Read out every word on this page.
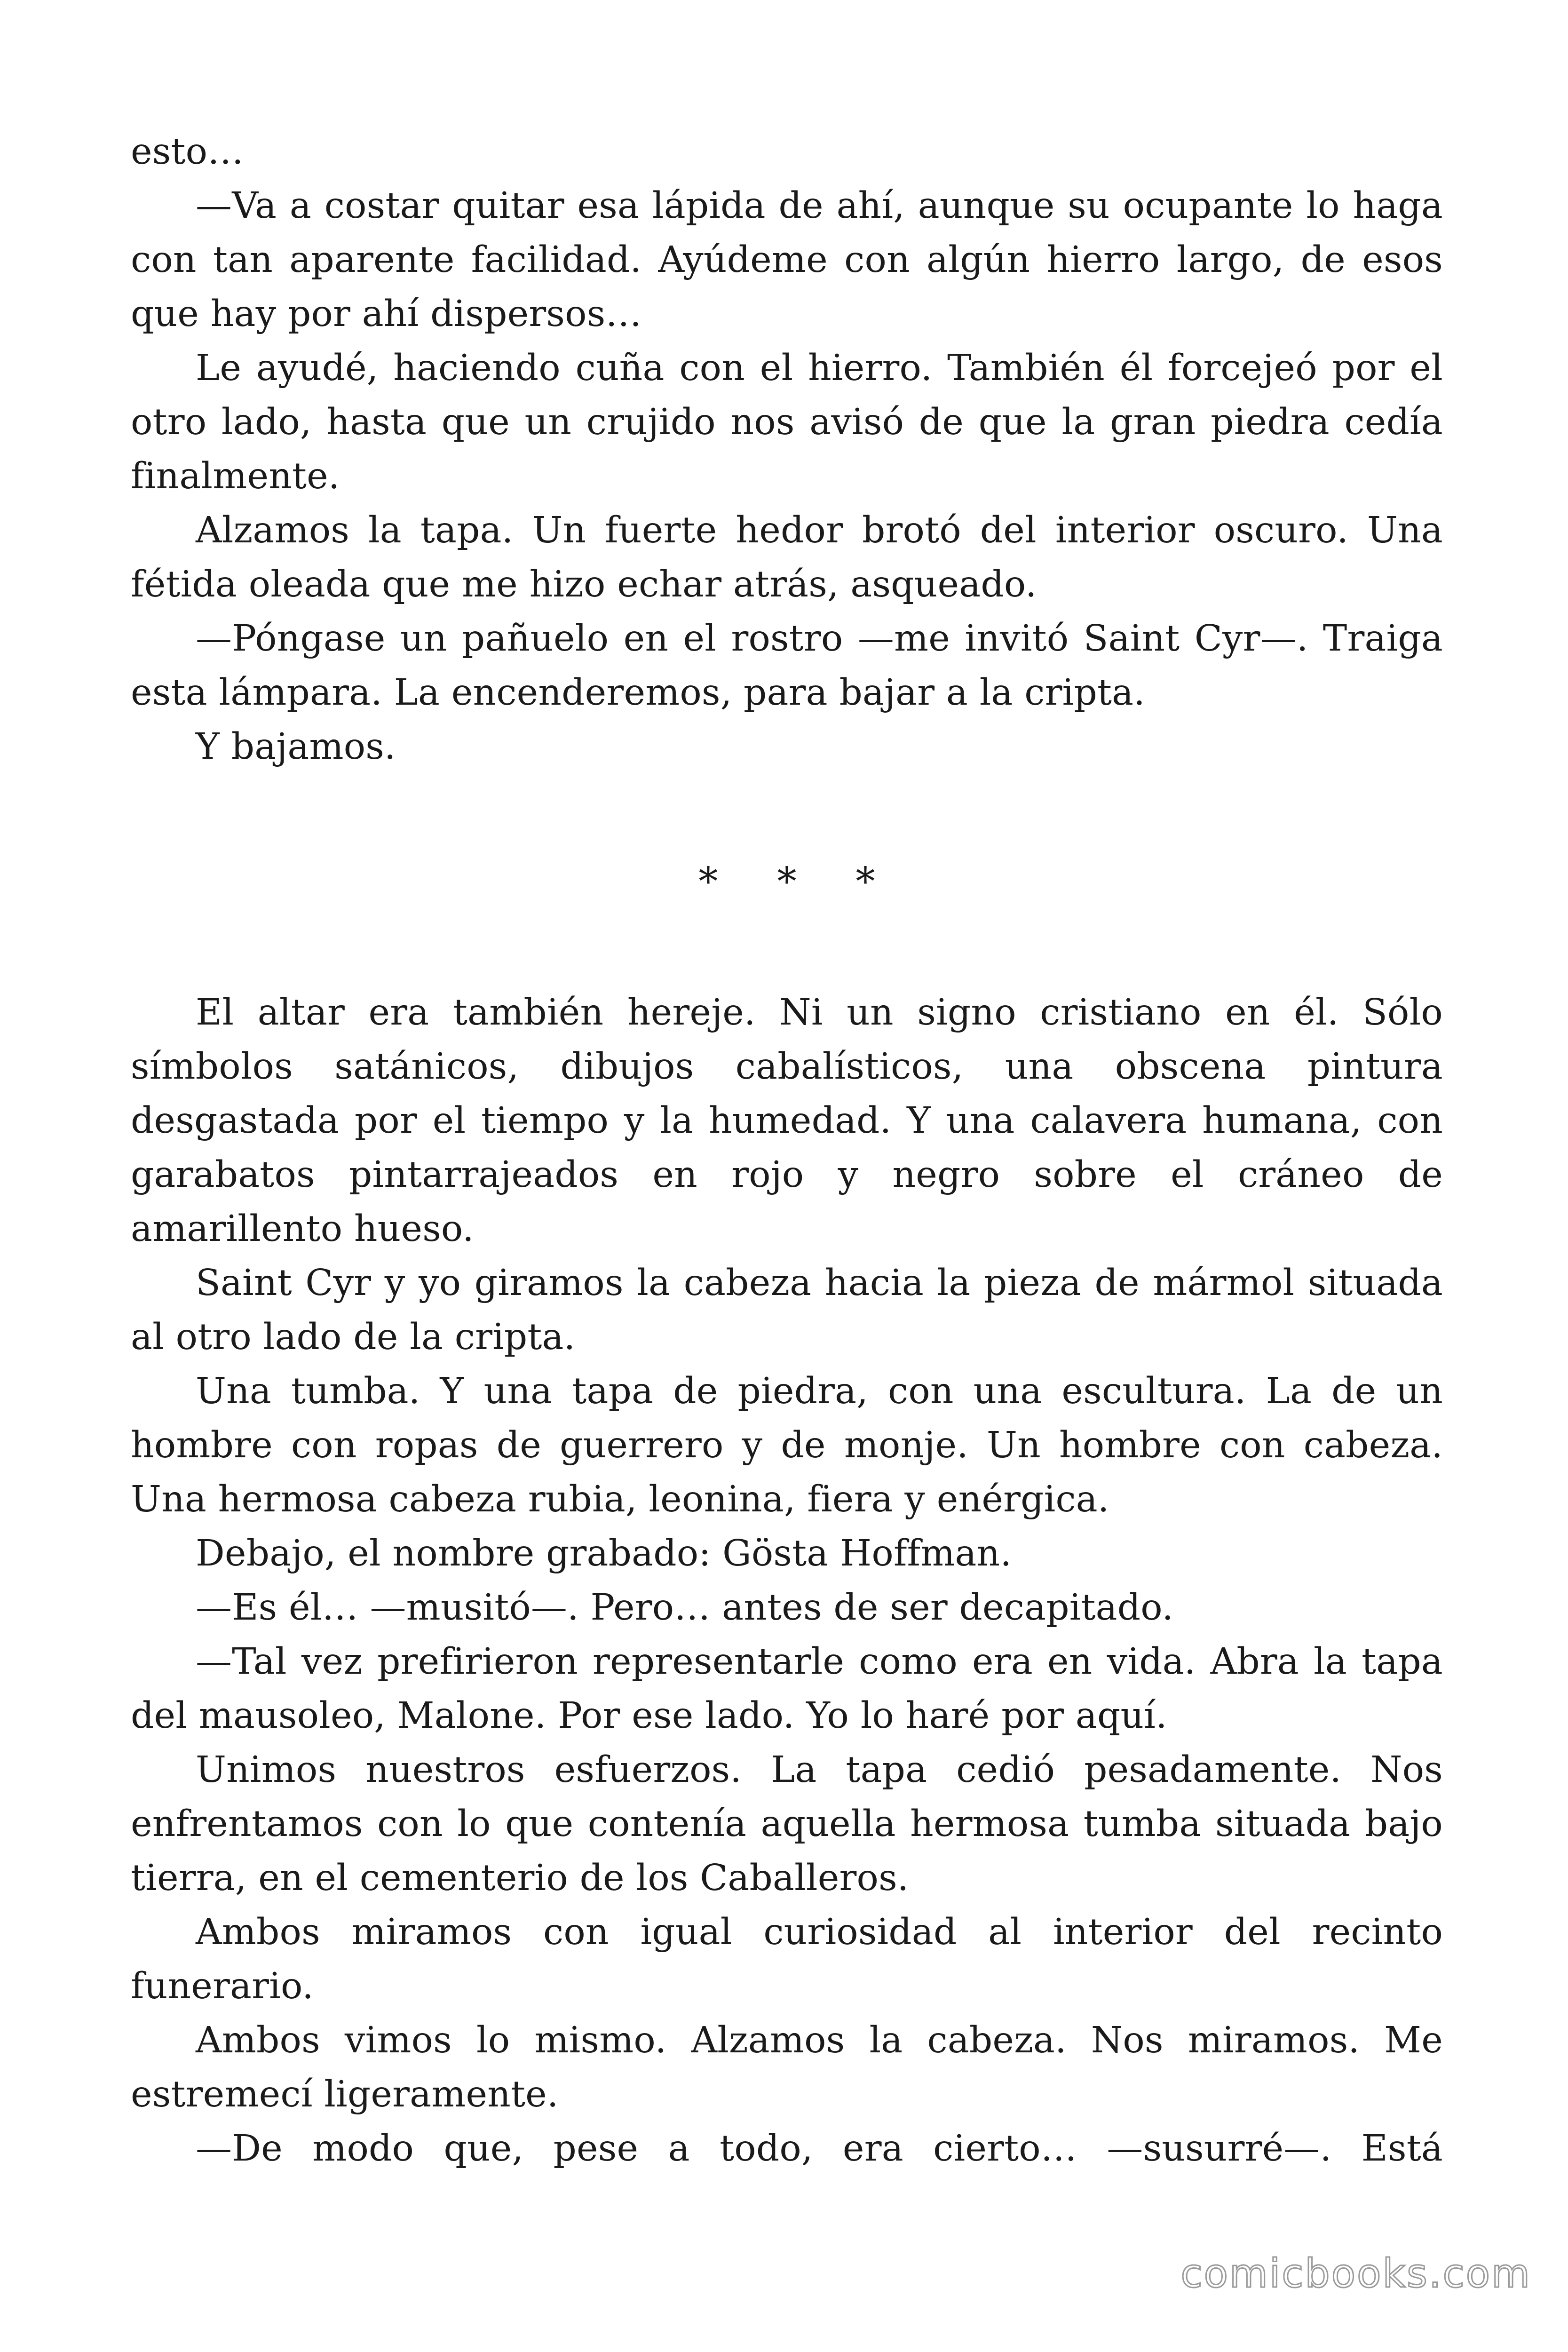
esto…

—Va a costar quitar esa lápida de ahí, aunque su ocupante lo haga con tan aparente facilidad. Ayúdeme con algún hierro largo, de esos que hay por ahí dispersos…

Le ayudé, haciendo cuña con el hierro. También él forcejeó por el otro lado, hasta que un crujido nos avisó de que la gran piedra cedía finalmente.

Alzamos la tapa. Un fuerte hedor brotó del interior oscuro. Una fétida oleada que me hizo echar atrás, asqueado.

—Póngase un pañuelo en el rostro —me invitó Saint Cyr—. Traiga esta lámpara. La encenderemos, para bajar a la cripta.

Y bajamos.

* * *

El altar era también hereje. Ni un signo cristiano en él. Sólo símbolos satánicos, dibujos cabalísticos, una obscena pintura desgastada por el tiempo y la humedad. Y una calavera humana, con garabatos pintarrajeados en rojo y negro sobre el cráneo de amarillento hueso.

Saint Cyr y yo giramos la cabeza hacia la pieza de mármol situada al otro lado de la cripta.

Una tumba. Y una tapa de piedra, con una escultura. La de un hombre con ropas de guerrero y de monje. Un hombre con cabeza. Una hermosa cabeza rubia, leonina, fiera y enérgica.

Debajo, el nombre grabado: Gösta Hoffman.

—Es él… —musitó—. Pero… antes de ser decapitado.

—Tal vez prefirieron representarle como era en vida. Abra la tapa del mausoleo, Malone. Por ese lado. Yo lo haré por aquí.

Unimos nuestros esfuerzos. La tapa cedió pesadamente. Nos enfrentamos con lo que contenía aquella hermosa tumba situada bajo tierra, en el cementerio de los Caballeros.

Ambos miramos con igual curiosidad al interior del recinto funerario.

Ambos vimos lo mismo. Alzamos la cabeza. Nos miramos. Me estremecí ligeramente.

—De modo que, pese a todo, era cierto… —susurré—. Está

comicbooks.com
